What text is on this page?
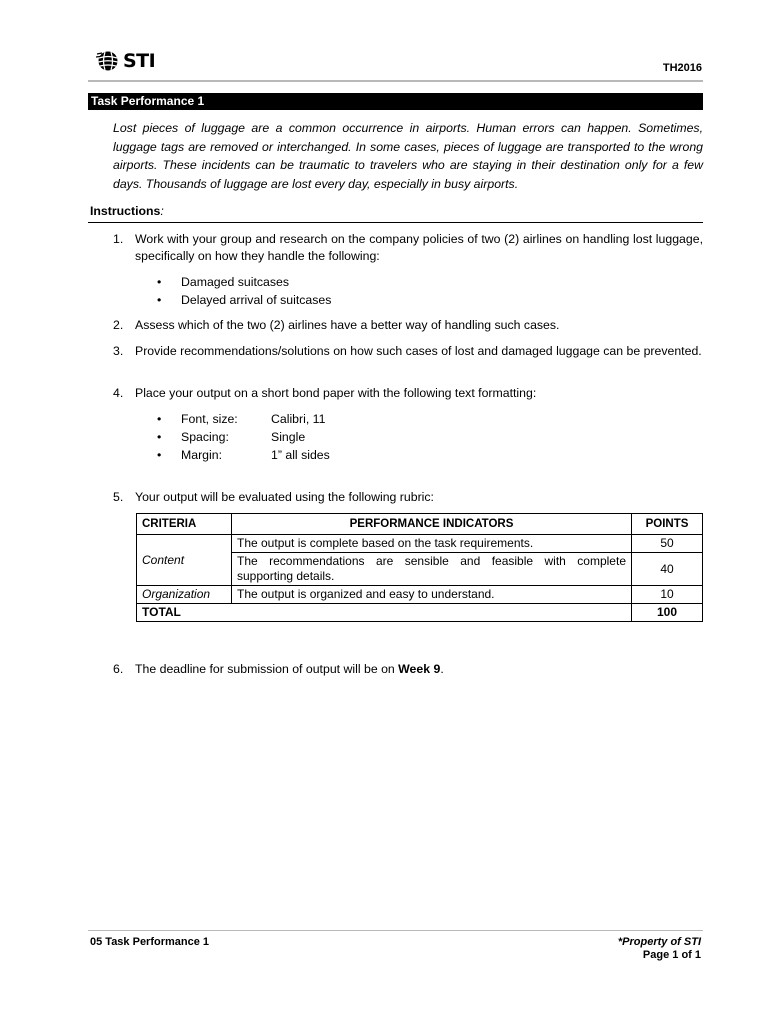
STI	TH2016
Task Performance 1
Lost pieces of luggage are a common occurrence in airports. Human errors can happen. Sometimes, luggage tags are removed or interchanged. In some cases, pieces of luggage are transported to the wrong airports. These incidents can be traumatic to travelers who are staying in their destination only for a few days. Thousands of luggage are lost every day, especially in busy airports.
Instructions:
1. Work with your group and research on the company policies of two (2) airlines on handling lost luggage, specifically on how they handle the following:
• Damaged suitcases
• Delayed arrival of suitcases
2. Assess which of the two (2) airlines have a better way of handling such cases.
3. Provide recommendations/solutions on how such cases of lost and damaged luggage can be prevented.
4. Place your output on a short bond paper with the following text formatting:
• Font, size:	Calibri, 11
• Spacing:	Single
• Margin:	1” all sides
5. Your output will be evaluated using the following rubric:
CRITERIA	PERFORMANCE INDICATORS	POINTS
Content	The output is complete based on the task requirements.	50
	The recommendations are sensible and feasible with complete supporting details.	40
Organization	The output is organized and easy to understand.	10
TOTAL		100
6. The deadline for submission of output will be on Week 9.
05 Task Performance 1	*Property of STI
Page 1 of 1
